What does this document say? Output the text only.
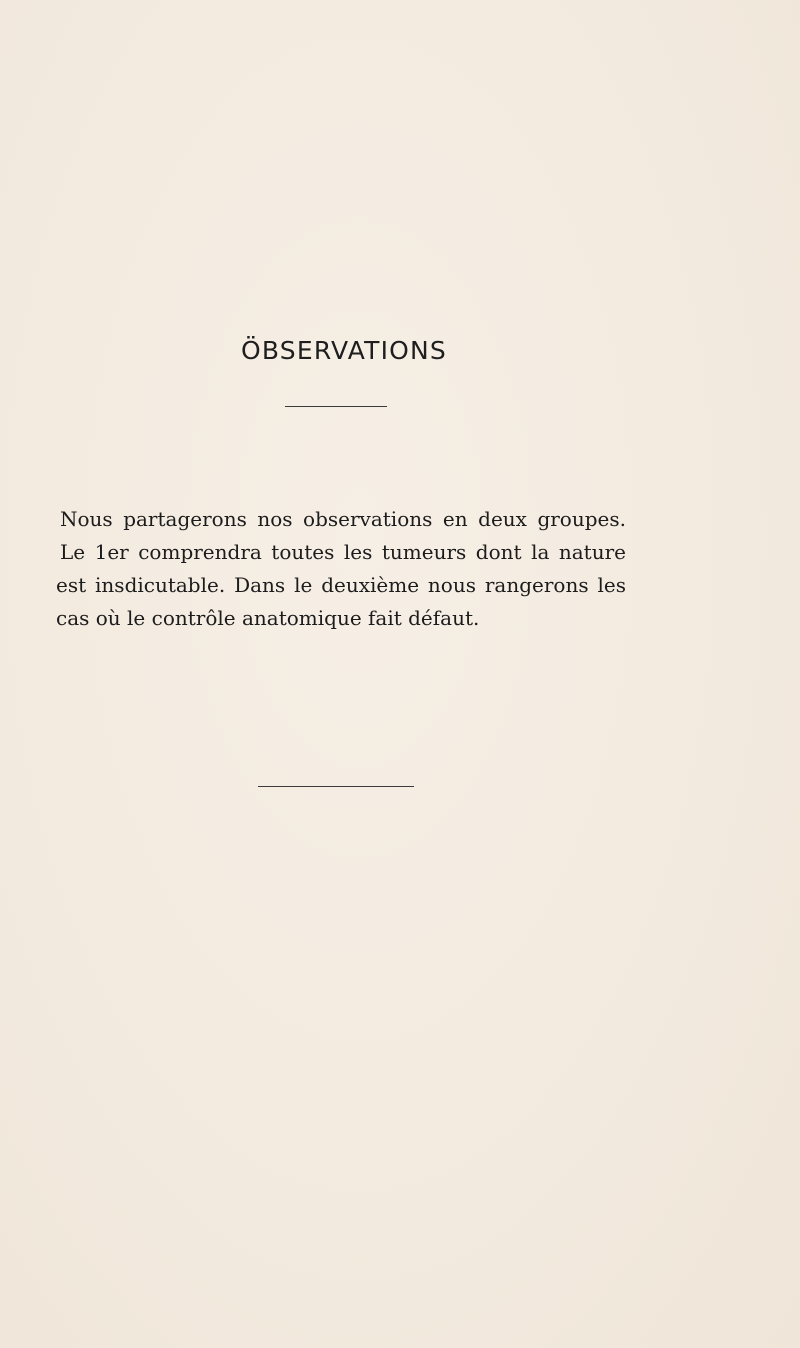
ÖBSERVATIONS
Nous partagerons nos observations en deux groupes.
Le 1er comprendra toutes les tumeurs dont la nature
est insdicutable. Dans le deuxième nous rangerons les
cas où le contrôle anatomique fait défaut.
